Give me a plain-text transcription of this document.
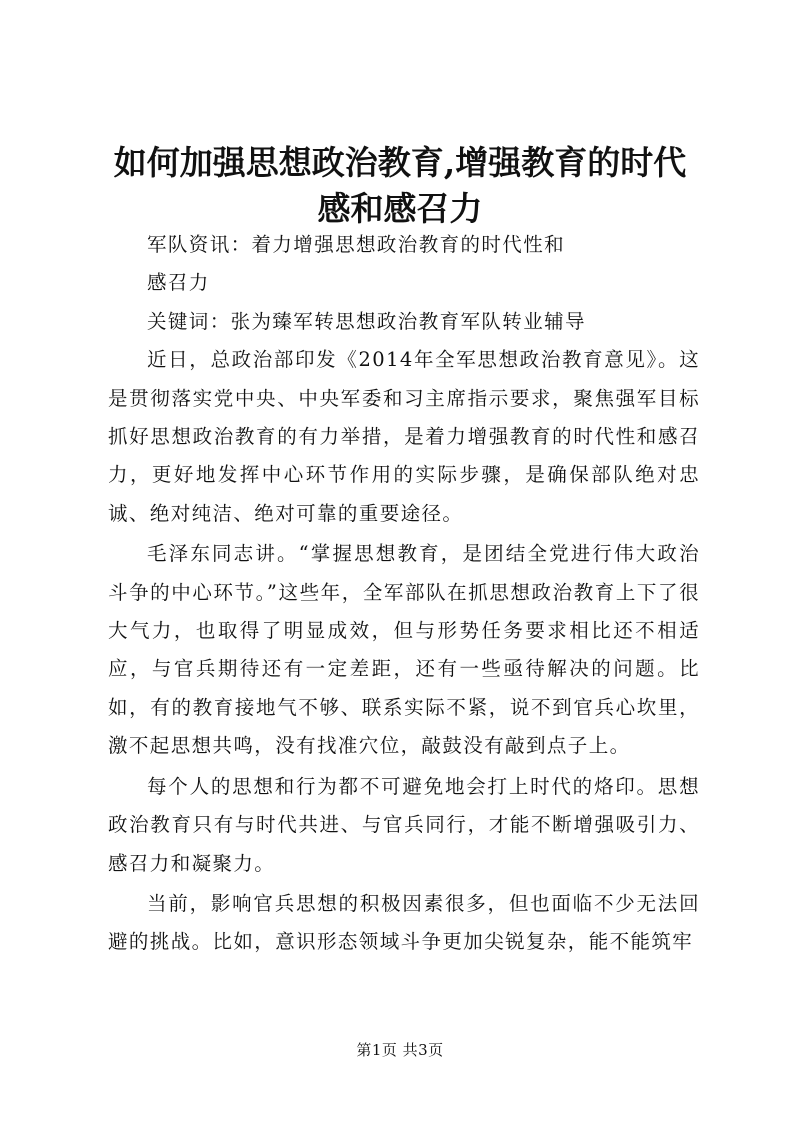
如何加强思想政治教育,增强教育的时代感和感召力

军队资讯：着力增强思想政治教育的时代性和

感召力

关键词：张为臻军转思想政治教育军队转业辅导

近日，总政治部印发《2014年全军思想政治教育意见》。这是贯彻落实党中央、中央军委和习主席指示要求，聚焦强军目标抓好思想政治教育的有力举措，是着力增强教育的时代性和感召力，更好地发挥中心环节作用的实际步骤，是确保部队绝对忠诚、绝对纯洁、绝对可靠的重要途径。

毛泽东同志讲。“掌握思想教育，是团结全党进行伟大政治斗争的中心环节。”这些年，全军部队在抓思想政治教育上下了很大气力，也取得了明显成效，但与形势任务要求相比还不相适应，与官兵期待还有一定差距，还有一些亟待解决的问题。比如，有的教育接地气不够、联系实际不紧，说不到官兵心坎里，激不起思想共鸣，没有找准穴位，敲鼓没有敲到点子上。

每个人的思想和行为都不可避免地会打上时代的烙印。思想政治教育只有与时代共进、与官兵同行，才能不断增强吸引力、感召力和凝聚力。

当前，影响官兵思想的积极因素很多，但也面临不少无法回避的挑战。比如，意识形态领域斗争更加尖锐复杂，能不能筑牢

第1页 共3页
